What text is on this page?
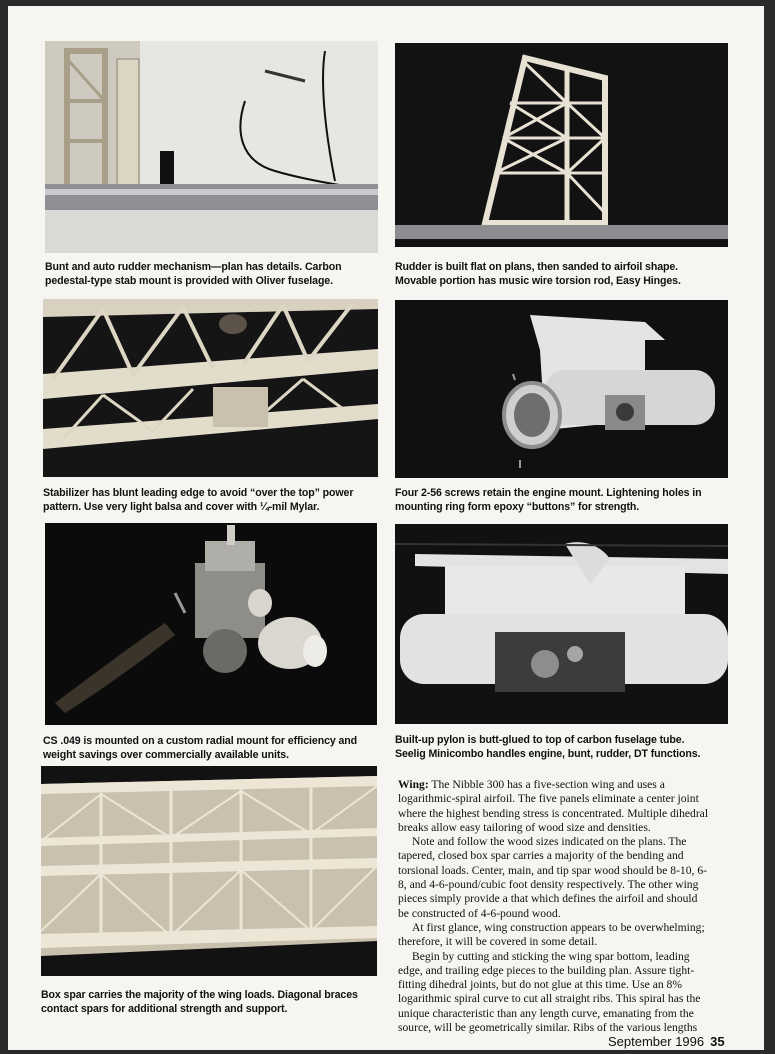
Bunt and auto rudder mechanism—plan has details. Carbon
pedestal-type stab mount is provided with Oliver fuselage.
Rudder is built flat on plans, then sanded to airfoil shape.
Movable portion has music wire torsion rod, Easy Hinges.
Stabilizer has blunt leading edge to avoid “over the top” power
pattern. Use very light balsa and cover with ¼-mil Mylar.
Four 2-56 screws retain the engine mount. Lightening holes in
mounting ring form epoxy “buttons” for strength.
CS .049 is mounted on a custom radial mount for efficiency and
weight savings over commercially available units.
Built-up pylon is butt-glued to top of carbon fuselage tube.
Seelig Minicombo handles engine, bunt, rudder, DT functions.
Box spar carries the majority of the wing loads. Diagonal braces
contact spars for additional strength and support.

Wing: The Nibble 300 has a five-section wing and uses a
logarithmic-spiral airfoil. The five panels eliminate a center joint
where the highest bending stress is concentrated. Multiple dihedral
breaks allow easy tailoring of wood size and densities.

Note and follow the wood sizes indicated on the plans. The
tapered, closed box spar carries a majority of the bending and
torsional loads. Center, main, and tip spar wood should be 8-10, 6-
8, and 4-6-pound/cubic foot density respectively. The other wing
pieces simply provide a that which defines the airfoil and should
be constructed of 4-6-pound wood.

At first glance, wing construction appears to be overwhelming;
therefore, it will be covered in some detail.

Begin by cutting and sticking the wing spar bottom, leading
edge, and trailing edge pieces to the building plan. Assure tight-
fitting dihedral joints, but do not glue at this time. Use an 8%
logarithmic spiral curve to cut all straight ribs. This spiral has the
unique characteristic than any length curve, emanating from the
source, will be geometrically similar. Ribs of the various lengths

September 1996 35
